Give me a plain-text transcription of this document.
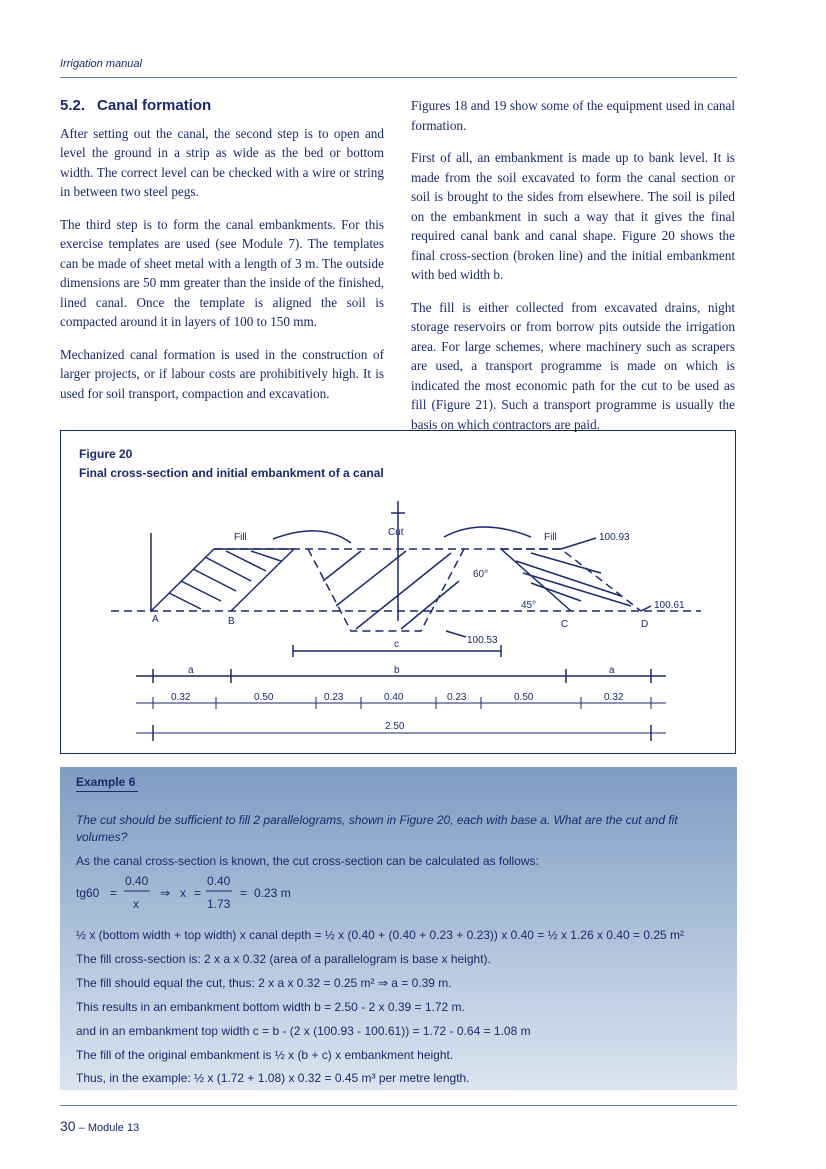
Irrigation manual
5.2. Canal formation

After setting out the canal, the second step is to open and level the ground in a strip as wide as the bed or bottom width. The correct level can be checked with a wire or string in between two steel pegs.

The third step is to form the canal embankments. For this exercise templates are used (see Module 7). The templates can be made of sheet metal with a length of 3 m. The outside dimensions are 50 mm greater than the inside of the finished, lined canal. Once the template is aligned the soil is compacted around it in layers of 100 to 150 mm.

Mechanized canal formation is used in the construction of larger projects, or if labour costs are prohibitively high. It is used for soil transport, compaction and excavation.

Figures 18 and 19 show some of the equipment used in canal formation.

First of all, an embankment is made up to bank level. It is made from the soil excavated to form the canal section or soil is brought to the sides from elsewhere. The soil is piled on the embankment in such a way that it gives the final required canal bank and canal shape. Figure 20 shows the final cross-section (broken line) and the initial embankment with bed width b.

The fill is either collected from excavated drains, night storage reservoirs or from borrow pits outside the irrigation area. For large schemes, where machinery such as scrapers are used, a transport programme is made on which is indicated the most economic path for the cut to be used as fill (Figure 21). Such a transport programme is usually the basis on which contractors are paid.

Figure 20
Final cross-section and initial embankment of a canal
Fill	Cut	Fill	100.93
100.61
100.53
60°
45°
A	B	C	D
c
a	b	a
0.32	0.50	0.23	0.40	0.23	0.50	0.32
2.50
Example 6
The cut should be sufficient to fill 2 parallelograms, shown in Figure 20, each with base a. What are the cut and fit volumes?
As the canal cross-section is known, the cut cross-section can be calculated as follows:
tg60 =
0.40
x
⇒ x =
0.40
1.73
= 0.23 m
½ x (bottom width + top width) x canal depth = ½ x (0.40 + (0.40 + 0.23 + 0.23)) x 0.40 = ½ x 1.26 x 0.40 = 0.25 m²
The fill cross-section is: 2 x a x 0.32 (area of a parallelogram is base x height).
The fill should equal the cut, thus: 2 x a x 0.32 = 0.25 m² ⇒ a = 0.39 m.
This results in an embankment bottom width b = 2.50 - 2 x 0.39 = 1.72 m.
and in an embankment top width c = b - (2 x (100.93 - 100.61)) = 1.72 - 0.64 = 1.08 m
The fill of the original embankment is ½ x (b + c) x embankment height.
Thus, in the example: ½ x (1.72 + 1.08) x 0.32 = 0.45 m³ per metre length.
30 – Module 13
